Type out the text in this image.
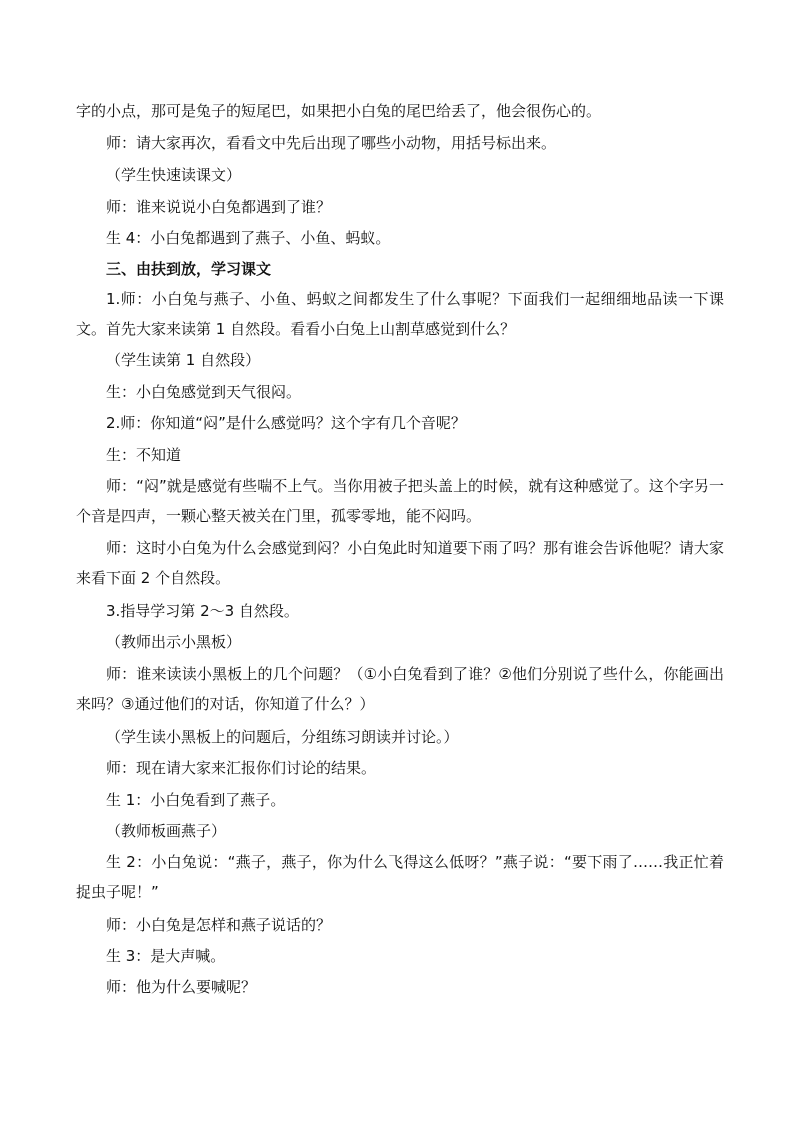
字的小点，那可是兔子的短尾巴，如果把小白兔的尾巴给丢了，他会很伤心的。
师：请大家再次，看看文中先后出现了哪些小动物，用括号标出来。
（学生快速读课文）
师：谁来说说小白兔都遇到了谁？
生 4：小白兔都遇到了燕子、小鱼、蚂蚁。
三、由扶到放，学习课文
1.师：小白兔与燕子、小鱼、蚂蚁之间都发生了什么事呢？下面我们一起细细地品读一下课文。首先大家来读第 1 自然段。看看小白兔上山割草感觉到什么？
（学生读第 1 自然段）
生：小白兔感觉到天气很闷。
2.师：你知道“闷”是什么感觉吗？这个字有几个音呢？
生：不知道
师：“闷”就是感觉有些喘不上气。当你用被子把头盖上的时候，就有这种感觉了。这个字另一个音是四声，一颗心整天被关在门里，孤零零地，能不闷吗。
师：这时小白兔为什么会感觉到闷？小白兔此时知道要下雨了吗？那有谁会告诉他呢？请大家来看下面 2 个自然段。
3.指导学习第 2～3 自然段。
（教师出示小黑板）
师：谁来读读小黑板上的几个问题？（①小白兔看到了谁？②他们分别说了些什么，你能画出来吗？③通过他们的对话，你知道了什么？）
（学生读小黑板上的问题后，分组练习朗读并讨论。）
师：现在请大家来汇报你们讨论的结果。
生 1：小白兔看到了燕子。
（教师板画燕子）
生 2：小白兔说：“燕子，燕子，你为什么飞得这么低呀？”燕子说：“要下雨了……我正忙着捉虫子呢！”
师：小白兔是怎样和燕子说话的？
生 3：是大声喊。
师：他为什么要喊呢？
